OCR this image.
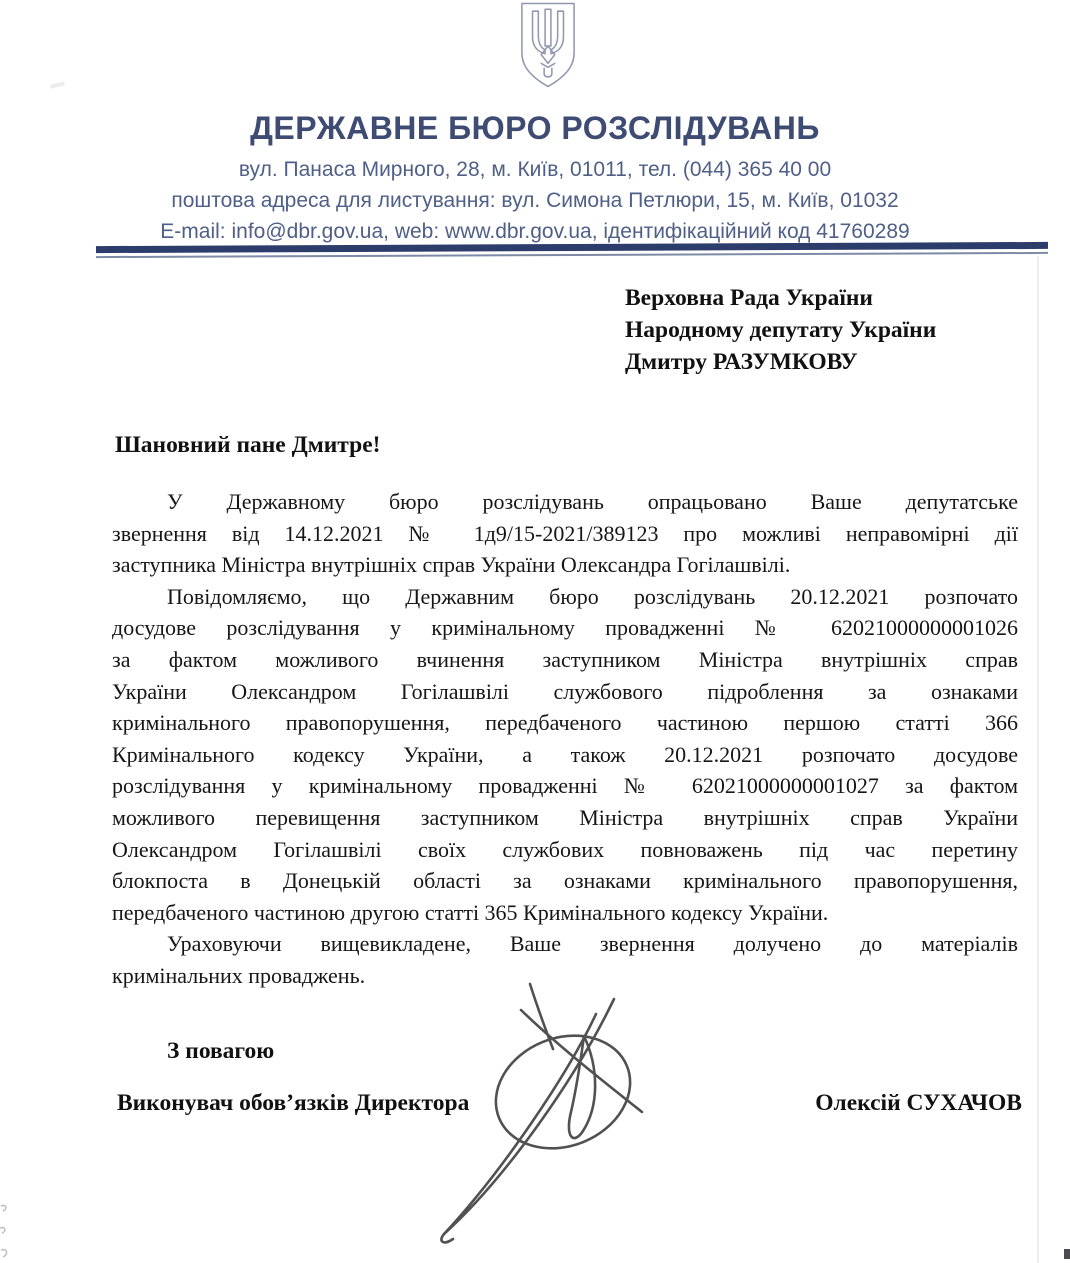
ДЕРЖАВНЕ БЮРО РОЗСЛІДУВАНЬ
вул. Панаса Мирного, 28, м. Київ, 01011, тел. (044) 365 40 00
поштова адреса для листування: вул. Симона Петлюри, 15, м. Київ, 01032
E-mail: info@dbr.gov.ua, web: www.dbr.gov.ua, ідентифікаційний код 41760289
Верховна Рада України
Народному депутату України
Дмитру РАЗУМКОВУ
Шановний пане Дмитре!
У Державному бюро розслідувань опрацьовано Ваше депутатське
звернення від 14.12.2021 № 1д9/15-2021/389123 про можливі неправомірні дії
заступника Міністра внутрішніх справ України Олександра Гогілашвілі.
Повідомляємо, що Державним бюро розслідувань 20.12.2021 розпочато
досудове розслідування у кримінальному провадженні № 62021000000001026
за фактом можливого вчинення заступником Міністра внутрішніх справ
України Олександром Гогілашвілі службового підроблення за ознаками
кримінального правопорушення, передбаченого частиною першою статті 366
Кримінального кодексу України, а також 20.12.2021 розпочато досудове
розслідування у кримінальному провадженні № 62021000000001027 за фактом
можливого перевищення заступником Міністра внутрішніх справ України
Олександром Гогілашвілі своїх службових повноважень під час перетину
блокпоста в Донецькій області за ознаками кримінального правопорушення,
передбаченого частиною другою статті 365 Кримінального кодексу України.
Ураховуючи вищевикладене, Ваше звернення долучено до матеріалів
кримінальних проваджень.
З повагою
Виконувач обов’язків Директора	Олексій СУХАЧОВ
